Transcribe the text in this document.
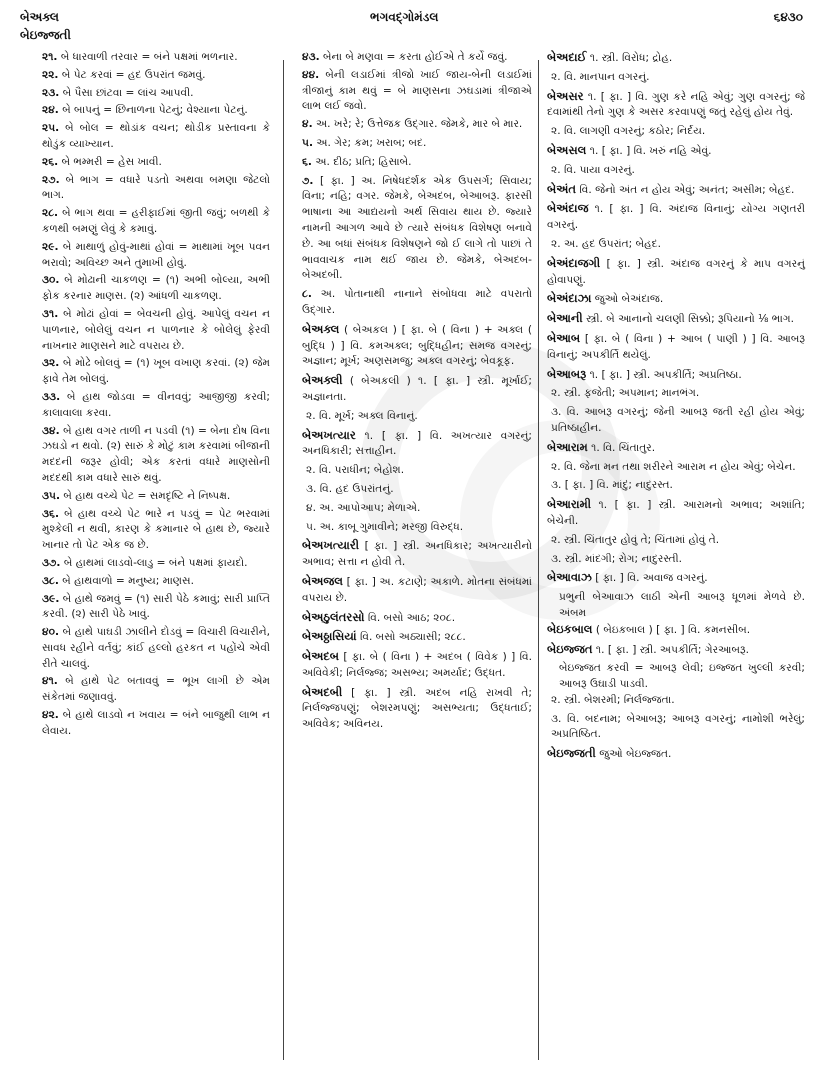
બેઅક્લ
બેઇજ્જતી
ભગવદ્ગોમંડલ	૬૪૩૦
૨૧. બે ધારવાળી તરવાર = બંને પક્ષમાં ભળનાર.
૨૨. બે પેટ કરવાં = હદ ઉપરાંત જમવું.
૨૩. બે પૈસા છાંટવા = લાંચ આપવી.
૨૪. બે બાપનું = છિનાળના પેટનું; વેશ્યાના પેટનું.
૨૫. બે બોલ = થોડાંક વચન; થોડીક પ્રસ્તાવના કે થોડુંક વ્યાખ્યાન.
૨૬. બે ભમ્મરી = હેસ ખાવી.
૨૭. બે ભાગ = વધારે પડતો અથવા બમણા જેટલો ભાગ.
૨૮. બે ભાગ થવા = હરીફાઈમાં જીતી જવું; બળથી કે કળથી બમણું લેવું કે કમાવું.
૨૯. બે માથાળું હોવું-માથાં હોવાં = માથામાં ખૂબ પવન ભરાવો; અવિચ્છ અને તુમાખી હોવું.
૩૦. બે મોઢાની ચાકળણ = (૧) અભી બોલ્યા, અભી ફોક કરનાર માણસ. (૨) આંધળી ચાકળણ.
૩૧. બે મોઢાં હોવાં = બેવચની હોવું. આપેલું વચન ન પાળનાર, બોલેલું વચન ન પાળનાર કે બોલેલું ફેરવી નાખનાર માણસને માટે વપરાય છે.
૩૨. બે મોઢે બોલવું = (૧) ખૂબ વખાણ કરવાં. (૨) જેમ ફાવે તેમ બોલવું.
૩૩. બે હાથ જોડવા = વીનવવું; આજીજી કરવી; કાલાવાલા કરવા.
૩૪. બે હાથ વગર તાળી ન પડવી (૧) = બેના દોષ વિના ઝઘડો ન થવો. (૨) સારું કે મોટું કામ કરવામાં બીજાની મદદની જરૂર હોવી; એક કરતાં વધારે માણસોની મદદથી કામ વધારે સારું થવું.
૩૫. બે હાથ વચ્ચે પેટ = સમદૃષ્ટિ ને નિષ્પક્ષ.
૩૬. બે હાથ વચ્ચે પેટ ભારે ન પડવું = પેટ ભરવામાં મુશ્કેલી ન થવી, કારણ કે કમાનાર બે હાથ છે, જ્યારે ખાનાર તો પેટ એક જ છે.
૩૭. બે હાથમાં લાડવો-લાડુ = બંને પક્ષમાં ફાયદો.
૩૮. બે હાથવાળો = મનુષ્ય; માણસ.
૩૯. બે હાથે જમવું = (૧) સારી પેઠે કમાવું; સારી પ્રાપ્તિ કરવી. (૨) સારી પેઠે ખાવું.
૪૦. બે હાથે પાઘડી ઝાલીને દોડવું = વિચારી વિચારીને, સાવધ રહીને વર્તવું; કાંઈ હલ્લો હરકત ન પહોંચે એવી રીતે ચાલવું.
૪૧. બે હાથે પેટ બતાવવું = ભૂખ લાગી છે એમ સંકેતમાં જણાવવું.
૪૨. બે હાથે લાડવો ન ખવાય = બંને બાજુથી લાભ ન લેવાય.
૪૩. બેના બે મણવા = કરતા હોઈએ તે કર્યે જવું.
૪૪. બેની લડાઈમાં ત્રીજો ખાઈ જાય-બેની લડાઈમાં ત્રીજાનું કામ થવું = બે માણસના ઝઘડામાં ત્રીજાએ લાભ લઈ જવો.
૪. અ. ખરે; રે; ઉત્તેજક ઉદ્ગાર. જેમકે, માર બે માર.
૫. અ. ગેર; કમ; ખરાબ; બદ.
૬. અ. દીઠ; પ્રતિ; હિસાબે.
૭. [ ફા. ] અ. નિષેધદર્શક એક ઉપસર્ગ; સિવાય; વિના; નહિ; વગર. જેમકે, બેઅદબ, બેઆબરૂ. ફારસી ભાષાના આ આદ્યયનો અર્થ સિવાય થાય છે. જ્યારે નામની આગળ આવે છે ત્યારે સંબંધક વિશેષણ બનાવે છે. આ બધાં સંબંધક વિશેષણને જો ઈ લાગે તો પાછાં તે ભાવવાચક નામ થઈ જાય છે. જેમકે, બેઅદબ-બેઅદબી.
૮. અ. પોતાનાથી નાનાને સંબોધવા માટે વપરાતો ઉદ્ગાર.
બેઅક્લ ( બેઅક઼લ ) [ ફા. બે ( વિના ) + અક્લ ( બુદ્ધિ ) ] વિ. કમઅક્લ; બુદ્ધિહીન; સમજ વગરનું; અજ્ઞાન; મૂર્ખ; અણસમજુ; અક્લ વગરનું; બેવકૂફ.
બેઅક્લી ( બેઅક઼લી ) ૧. [ ફા. ] સ્ત્રી. મૂર્ખાઈ; અજ્ઞાનતા.
૨. વિ. મૂર્ખ; અક્લ વિનાનું.
બેઅખત્યાર ૧. [ ફા. ] વિ. અખત્યાર વગરનું; અનધિકારી; સત્તાહીન.
૨. વિ. પરાધીન; બેહોશ.
૩. વિ. હદ ઉપરાંતનું.
૪. અ. આપોઆપ; મેળાએ.
૫. અ. કાબૂ ગુમાવીને; મરજી વિરુદ્ધ.
બેઅખત્યારી [ ફા. ] સ્ત્રી. અનધિકાર; અખત્યારીનો અભાવ; સત્તા ન હોવી તે.
બેઅજલ [ ફા. ] અ. કટાણે; અકાળે. મોતના સંબંધમાં વપરાય છે.
બેઅઠુલંતરસો વિ. બસો આઠ; ૨૦૮.
બેઅઠ્ઠાસિયાં વિ. બસો અઠ્યાસી; ૨૮૮.
બેઅદબ [ ફા. બે ( વિના ) + અદબ ( વિવેક ) ] વિ. અવિવેકી; નિર્લજ્જ; અસભ્ય; અમર્યાદ; ઉદ્ધત.
બેઅદબી [ ફા. ] સ્ત્રી. અદબ નહિ રાખવી તે; નિર્લજ્જપણું; બેશરમપણું; અસભ્યતા; ઉદ્ધતાઈ; અવિવેક; અવિનય.
બેઅદાઈ ૧. સ્ત્રી. વિરોધ; દ્રોહ.
૨. વિ. માનપાન વગરનું.
બેઅસર ૧. [ ફા. ] વિ. ગુણ કરે નહિ એવું; ગુણ વગરનું; જે દવામાંથી તેનો ગુણ કે અસર કરવાપણું જતું રહેલું હોય તેવું.
૨. વિ. લાગણી વગરનું; કઠોર; નિર્દય.
બેઅસલ ૧. [ ફા. ] વિ. ખરું નહિ એવું.
૨. વિ. પાયા વગરનું.
બેઅંત વિ. જેનો અંત ન હોય એવું; અનંત; અસીમ; બેહદ.
બેઅંદાજ ૧. [ ફા. ] વિ. અંદાજ વિનાનું; યોગ્ય ગણતરી વગરનું.
૨. અ. હદ ઉપરાંત; બેહદ.
બેઅંદાજગી [ ફા. ] સ્ત્રી. અંદાજ વગરનું કે માપ વગરનું હોવાપણું.
બેઅંદાઝા જુઓ બેઅંદાજ.
બેઆની સ્ત્રી. બે આનાનો ચલણી સિક્કો; રૂપિયાનો ⅛ ભાગ.
બેઆબ [ ફા. બે ( વિના ) + આબ ( પાણી ) ] વિ. આબરૂ વિનાનું; અપકીર્તિ થયેલું.
બેઆબરૂ ૧. [ ફા. ] સ્ત્રી. અપકીર્તિ; અપ્રતિષ્ઠા.
૨. સ્ત્રી. ફજેતી; અપમાન; માનભંગ.
૩. વિ. આબરૂ વગરનું; જેની આબરૂ જતી રહી હોય એવું; પ્રતિષ્ઠાહીન.
બેઆરામ ૧. વિ. ચિંતાતુર.
૨. વિ. જેના મન તથા શરીરને આરામ ન હોય એવું; બેચેન.
૩. [ ફા. ] વિ. માંદું; નાદુરસ્ત.
બેઆરામી ૧. [ ફા. ] સ્ત્રી. આરામનો અભાવ; અશાંતિ; બેચેની.
૨. સ્ત્રી. ચિંતાતુર હોવું તે; ચિંતામાં હોવું તે.
૩. સ્ત્રી. માંદગી; રોગ; નાદુરસ્તી.
બેઆવાઝ [ ફા. ] વિ. અવાજ વગરનું.
પ્રભુની બેઆવાઝ લાઠી એની આબરૂ ધૂળમાં મેળવે છે. અંબમ
બેઇકબાલ ( બેઇક઼બાલ ) [ ફા. ] વિ. કમનસીબ.
બેઇજ્જત ૧. [ ફા. ] સ્ત્રી. અપકીર્તિ; ગેરઆબરૂ.
બેઇજ્જત કરવી = આબરૂ લેવી; ઇજ્જત ખુલ્લી કરવી; આબરૂ ઉઘાડી પાડવી.
૨. સ્ત્રી. બેશરમી; નિર્લજ્જતા.
૩. વિ. બદનામ; બેઆબરૂ; આબરૂ વગરનું; નામોશી ભરેલું; અપ્રતિષ્ઠિત.
બેઇજ્જતી જુઓ બેઇજ્જત.
